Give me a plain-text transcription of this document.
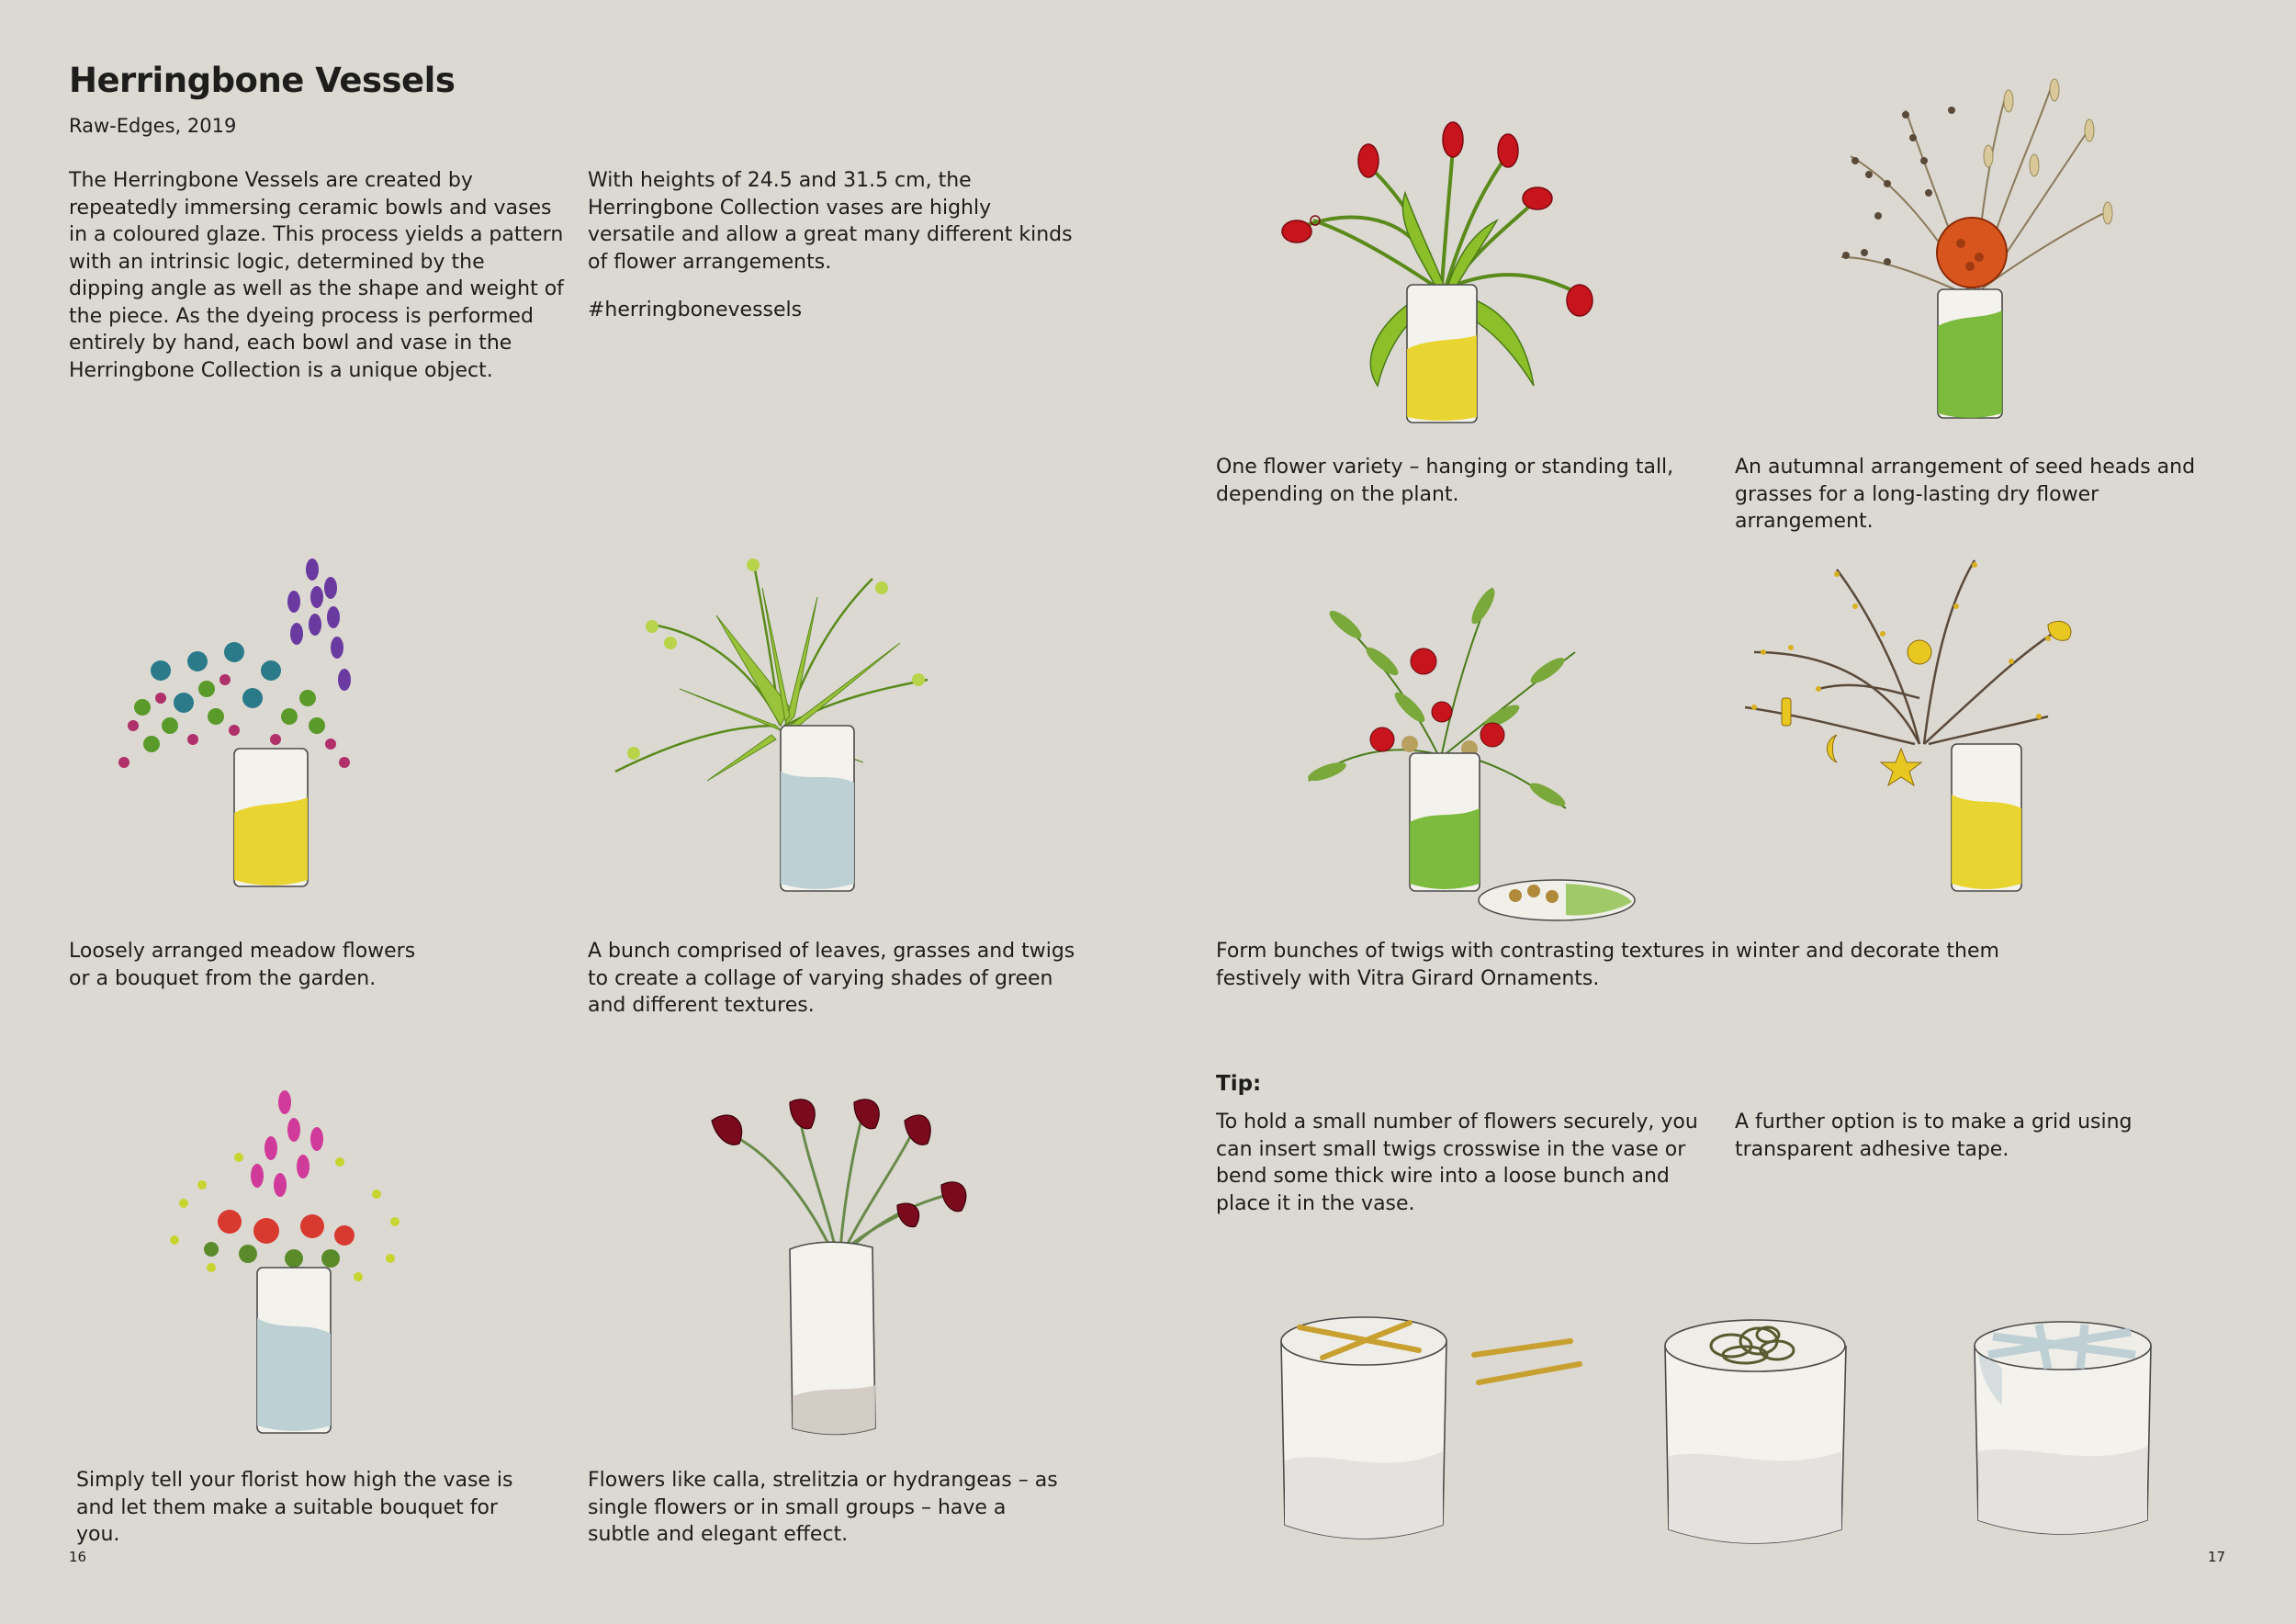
Herringbone Vessels
Raw-Edges, 2019
The Herringbone Vessels are created by repeatedly immersing ceramic bowls and vases in a coloured glaze. This process yields a pattern with an intrinsic logic, determined by the dipping angle as well as the shape and weight of the piece. As the dyeing process is performed entirely by hand, each bowl and vase in the Herringbone Collection is a unique object.
With heights of 24.5 and 31.5 cm, the Herringbone Collection vases are highly versatile and allow a great many different kinds of flower arrangements.
#herringbonevessels
One flower variety – hanging or standing tall, depending on the plant.
An autumnal arrangement of seed heads and grasses for a long-lasting dry flower arrangement.
Loosely arranged meadow flowers or a bouquet from the garden.
A bunch comprised of leaves, grasses and twigs to create a collage of varying shades of green and different textures.
Form bunches of twigs with contrasting textures in winter and decorate them festively with Vitra Girard Ornaments.
Tip:
To hold a small number of flowers securely, you can insert small twigs crosswise in the vase or bend some thick wire into a loose bunch and place it in the vase.
A further option is to make a grid using transparent adhesive tape.
Simply tell your florist how high the vase is and let them make a suitable bouquet for you.
Flowers like calla, strelitzia or hydrangeas – as single flowers or in small groups – have a subtle and elegant effect.
16	17
